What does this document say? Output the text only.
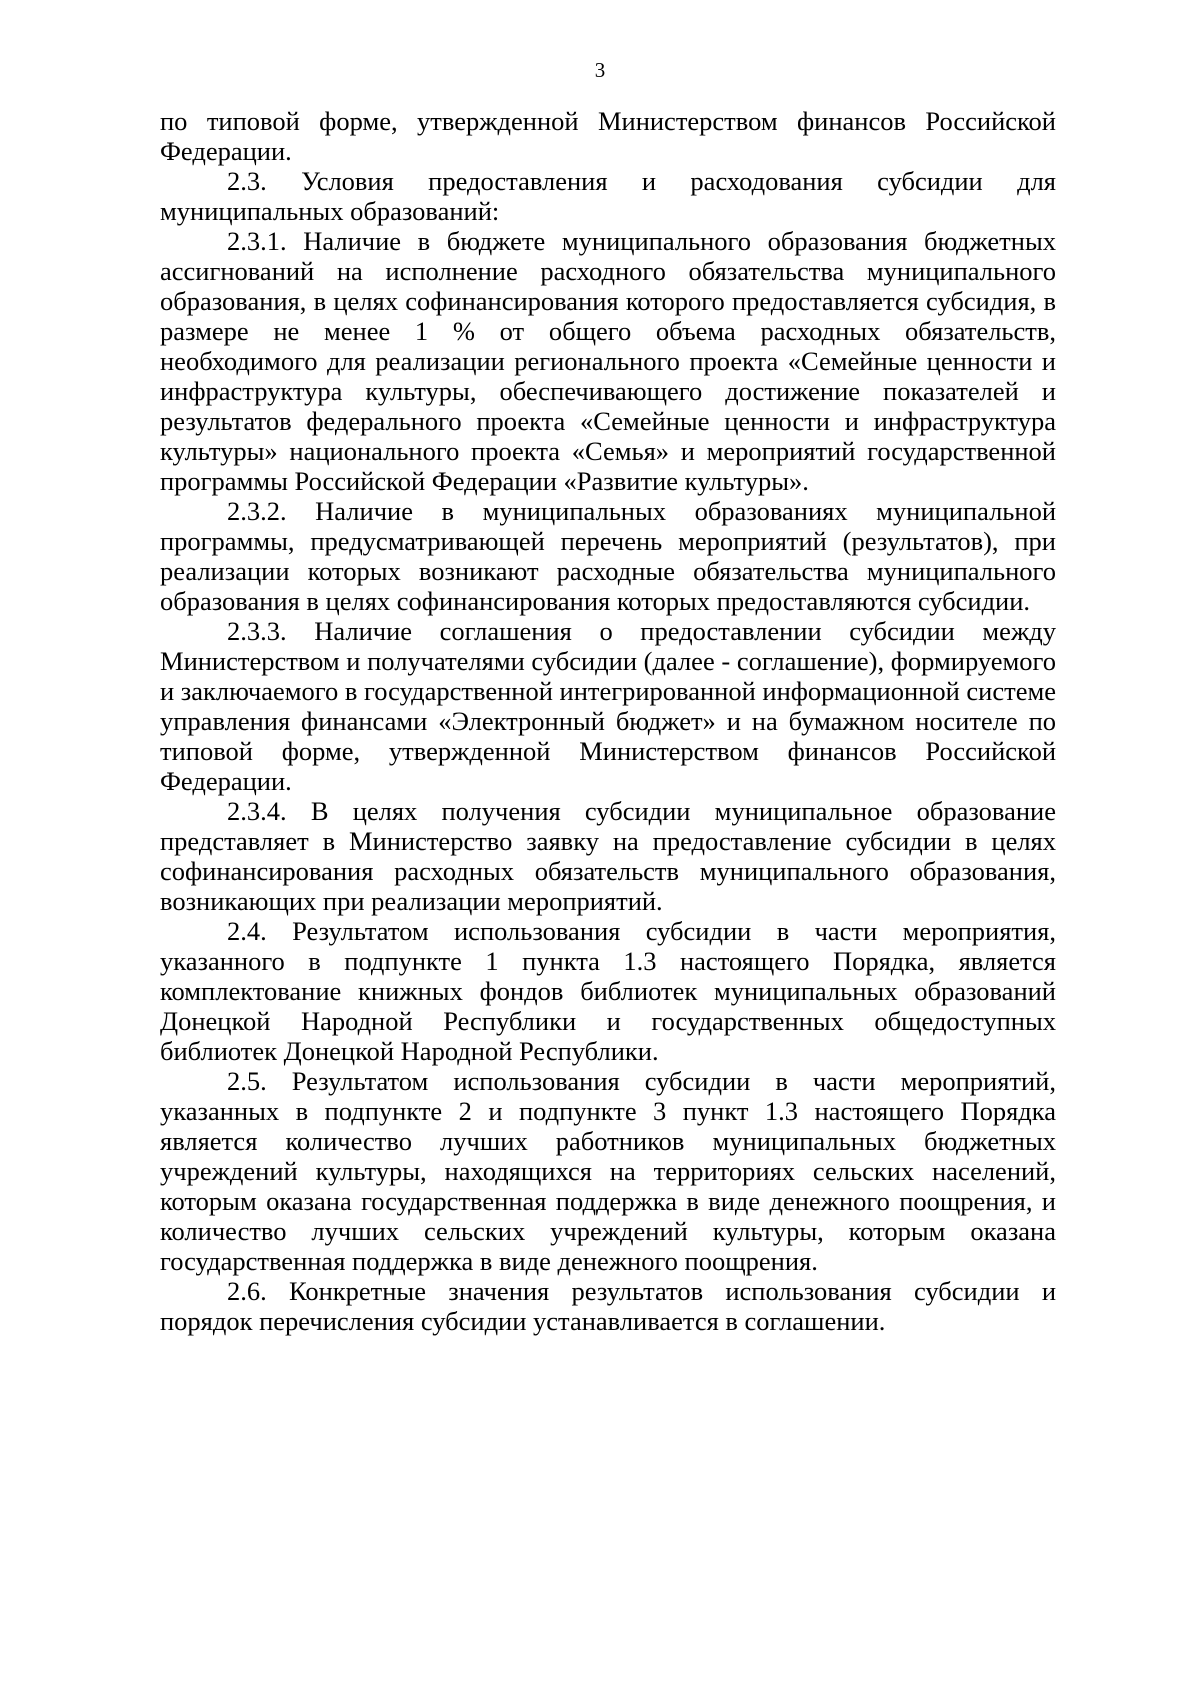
3

по типовой форме, утвержденной Министерством финансов Российской Федерации.

2.3. Условия предоставления и расходования субсидии для муниципальных образований:

2.3.1. Наличие в бюджете муниципального образования бюджетных ассигнований на исполнение расходного обязательства муниципального образования, в целях софинансирования которого предоставляется субсидия, в размере не менее 1 % от общего объема расходных обязательств, необходимого для реализации регионального проекта «Семейные ценности и инфраструктура культуры, обеспечивающего достижение показателей и результатов федерального проекта «Семейные ценности и инфраструктура культуры» национального проекта «Семья» и мероприятий государственной программы Российской Федерации «Развитие культуры».

2.3.2. Наличие в муниципальных образованиях муниципальной программы, предусматривающей перечень мероприятий (результатов), при реализации которых возникают расходные обязательства муниципального образования в целях софинансирования которых предоставляются субсидии.

2.3.3. Наличие соглашения о предоставлении субсидии между Министерством и получателями субсидии (далее - соглашение), формируемого и заключаемого в государственной интегрированной информационной системе управления финансами «Электронный бюджет» и на бумажном носителе по типовой форме, утвержденной Министерством финансов Российской Федерации.

2.3.4. В целях получения субсидии муниципальное образование представляет в Министерство заявку на предоставление субсидии в целях софинансирования расходных обязательств муниципального образования, возникающих при реализации мероприятий.

2.4. Результатом использования субсидии в части мероприятия, указанного в подпункте 1 пункта 1.3 настоящего Порядка, является комплектование книжных фондов библиотек муниципальных образований Донецкой Народной Республики и государственных общедоступных библиотек Донецкой Народной Республики.

2.5. Результатом использования субсидии в части мероприятий, указанных в подпункте 2 и подпункте 3 пункт 1.3 настоящего Порядка является количество лучших работников муниципальных бюджетных учреждений культуры, находящихся на территориях сельских населений, которым оказана государственная поддержка в виде денежного поощрения, и количество лучших сельских учреждений культуры, которым оказана государственная поддержка в виде денежного поощрения.

2.6. Конкретные значения результатов использования субсидии и порядок перечисления субсидии устанавливается в соглашении.
